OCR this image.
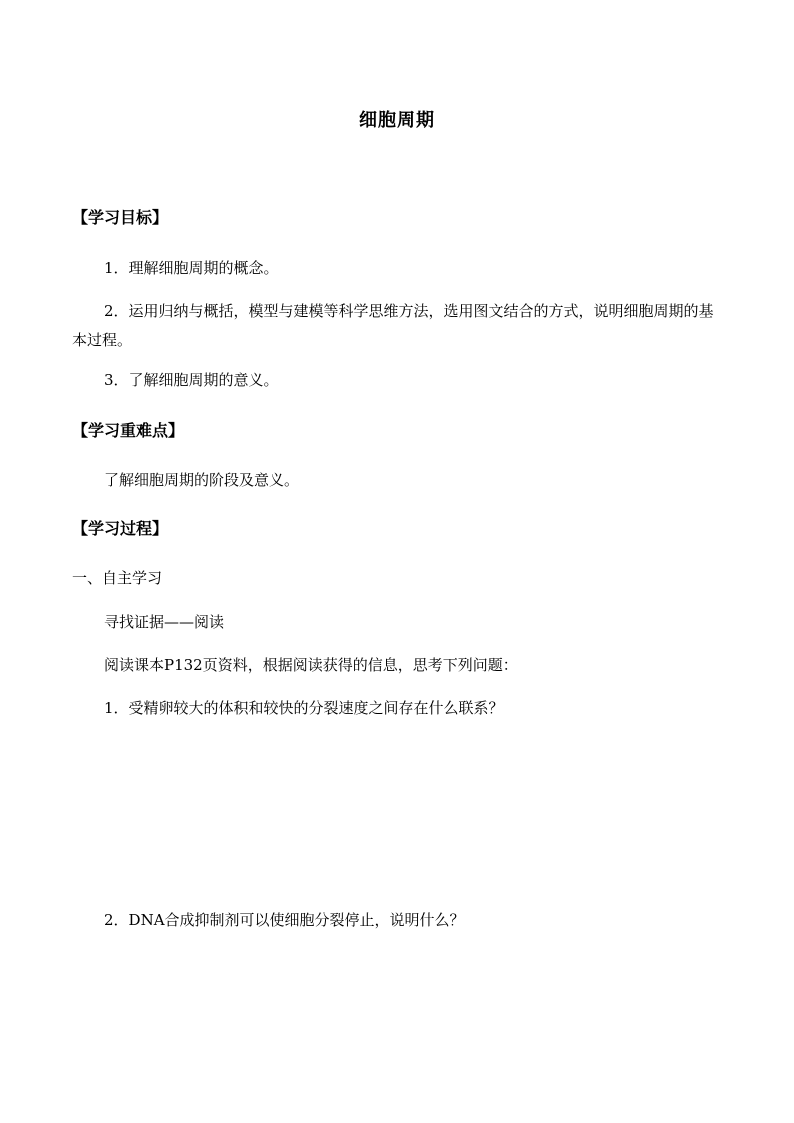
细胞周期
【学习目标】
1．理解细胞周期的概念。
2．运用归纳与概括，模型与建模等科学思维方法，选用图文结合的方式，说明细胞周期的基本过程。
3．了解细胞周期的意义。
【学习重难点】
了解细胞周期的阶段及意义。
【学习过程】
一、自主学习
寻找证据——阅读
阅读课本P132页资料，根据阅读获得的信息，思考下列问题：
1．受精卵较大的体积和较快的分裂速度之间存在什么联系？
2．DNA合成抑制剂可以使细胞分裂停止，说明什么？
